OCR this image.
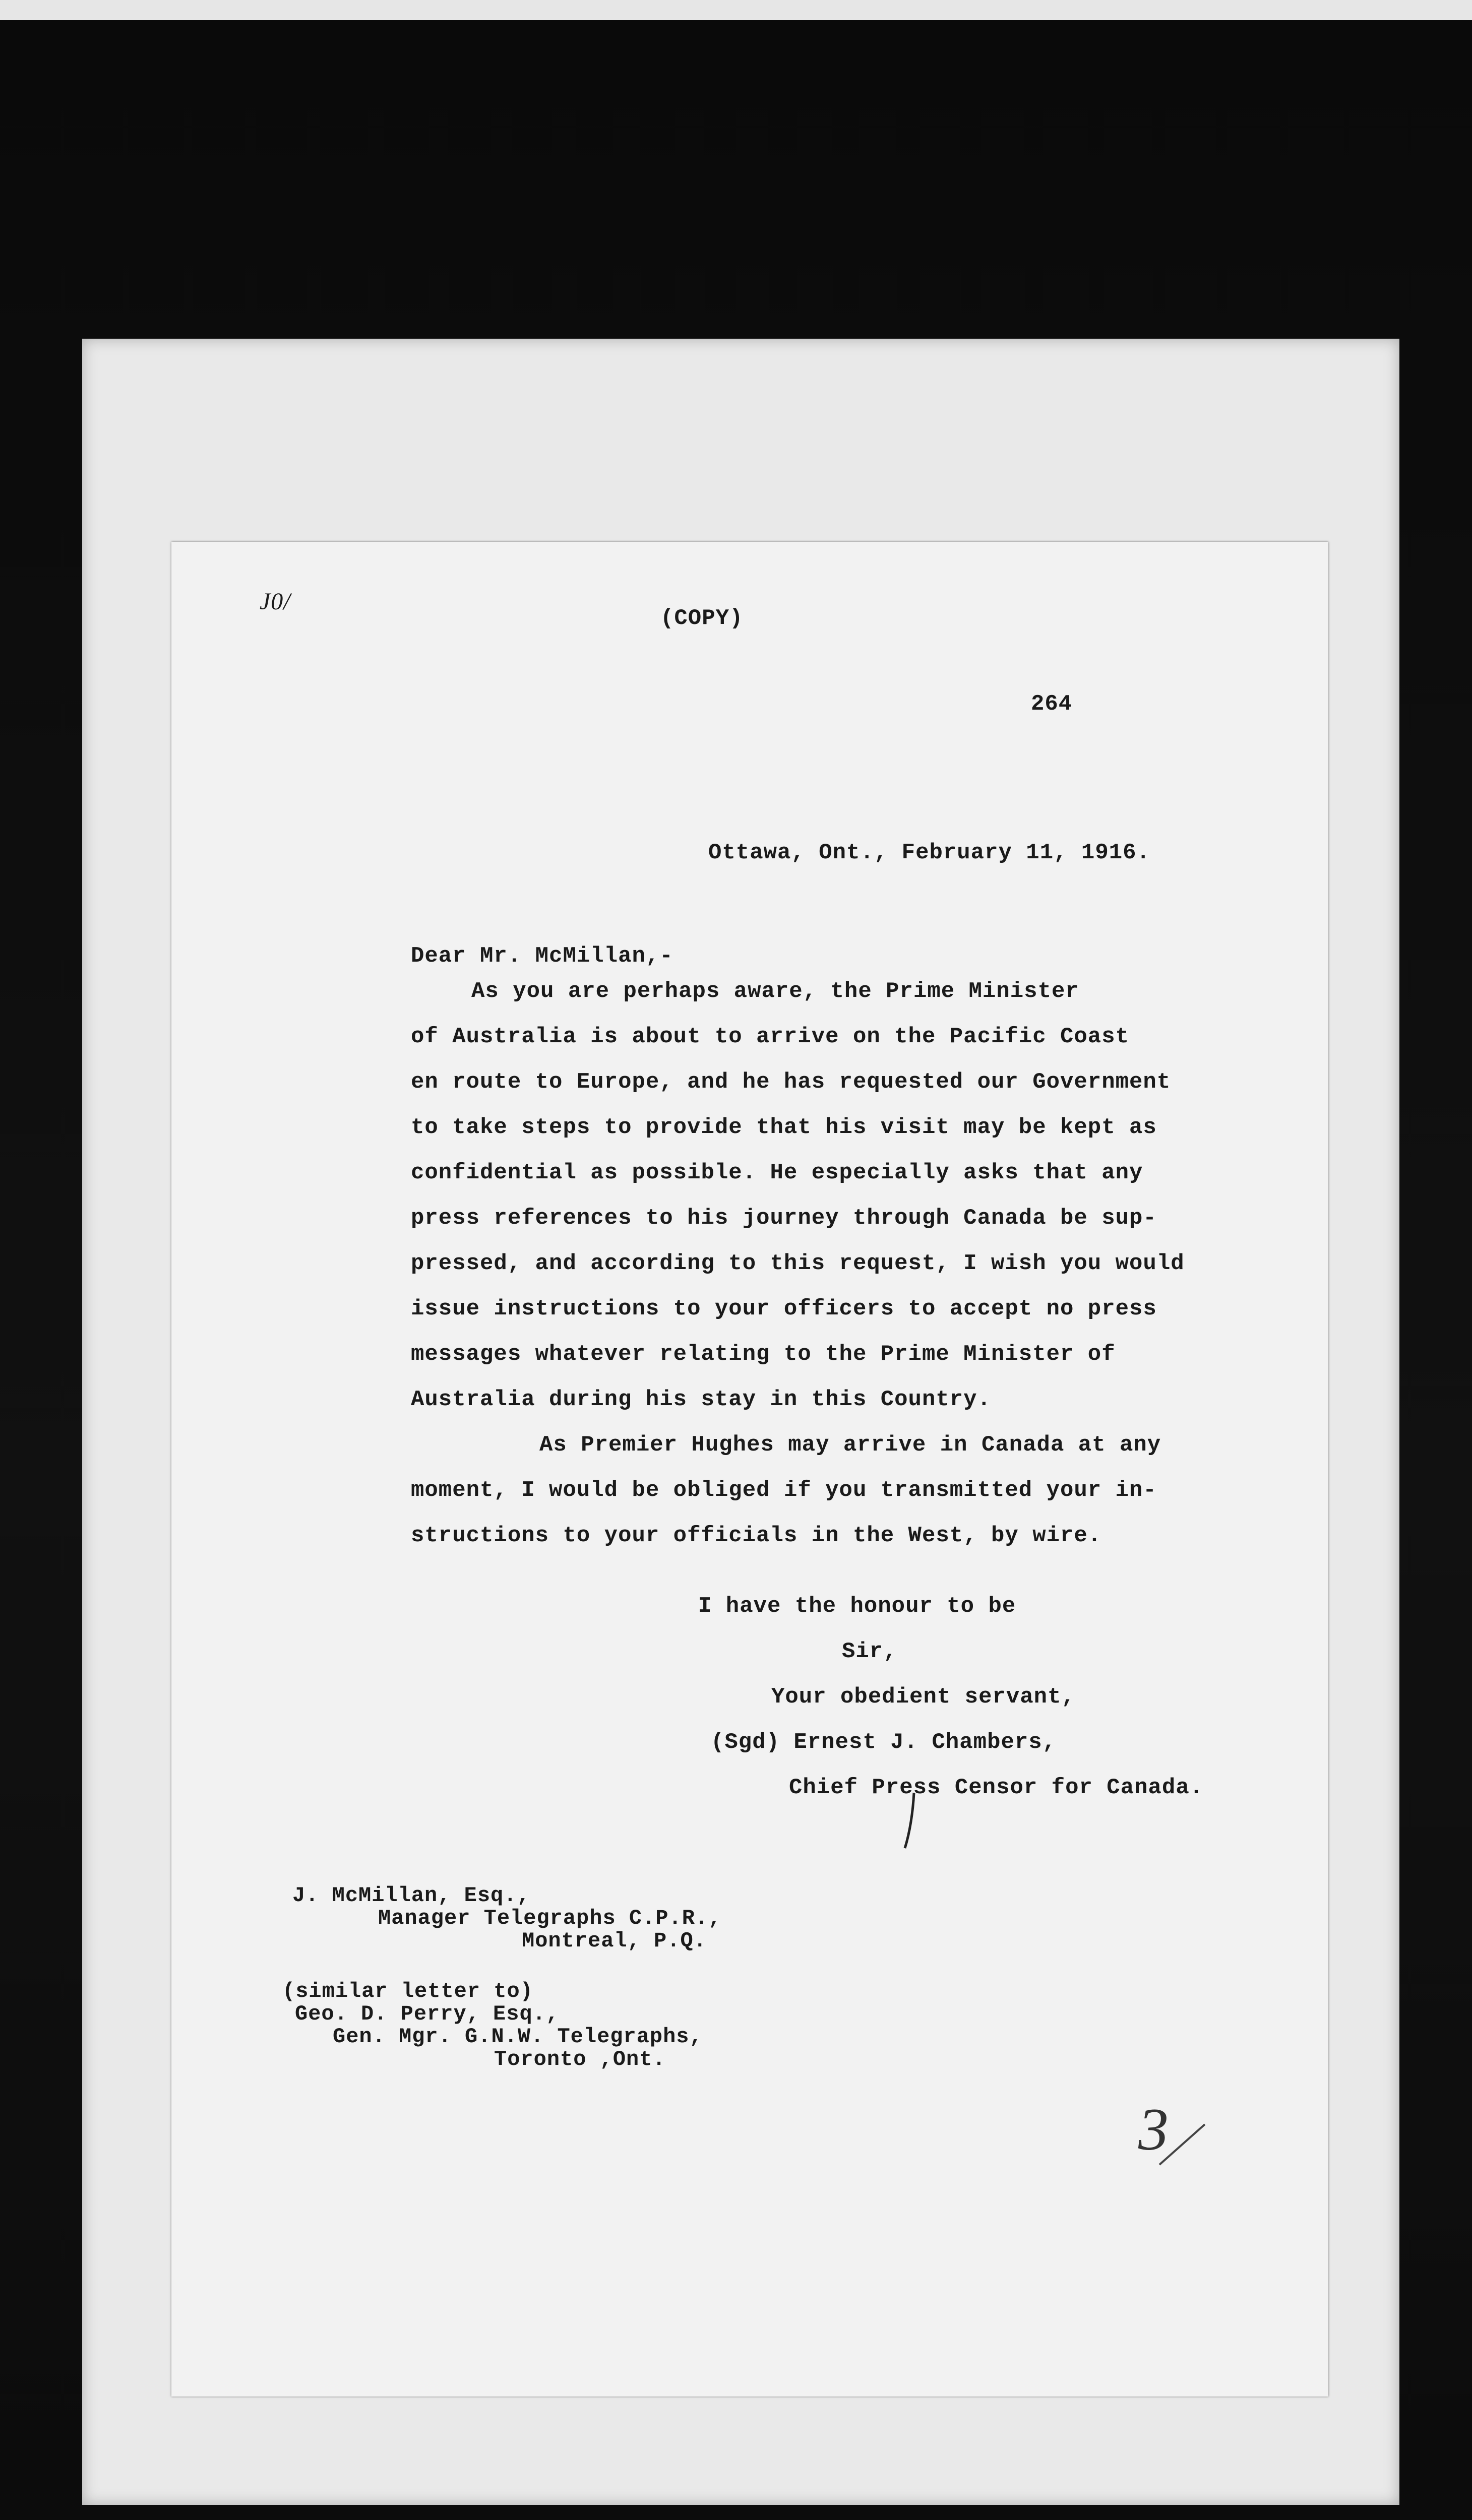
J0/
(COPY)
264
Ottawa, Ont., February 11, 1916.
Dear Mr. McMillan,-
As you are perhaps aware, the Prime Minister
of Australia is about to arrive on the Pacific Coast
en route to Europe, and he has requested our Government
to take steps to provide that his visit may be kept as
confidential as possible. He especially asks that any
press references to his journey through Canada be sup-
pressed, and according to this request, I wish you would
issue instructions to your officers to accept no press
messages whatever relating to the Prime Minister of
Australia during his stay in this Country.
As Premier Hughes may arrive in Canada at any
moment, I would be obliged if you transmitted your in-
structions to your officials in the West, by wire.
I have the honour to be
Sir,
Your obedient servant,
(Sgd) Ernest J. Chambers,
Chief Press Censor for Canada.
J. McMillan, Esq.,
Manager Telegraphs C.P.R.,
Montreal, P.Q.
(similar letter to)
Geo. D. Perry, Esq.,
Gen. Mgr. G.N.W. Telegraphs,
Toronto ,Ont.
3
